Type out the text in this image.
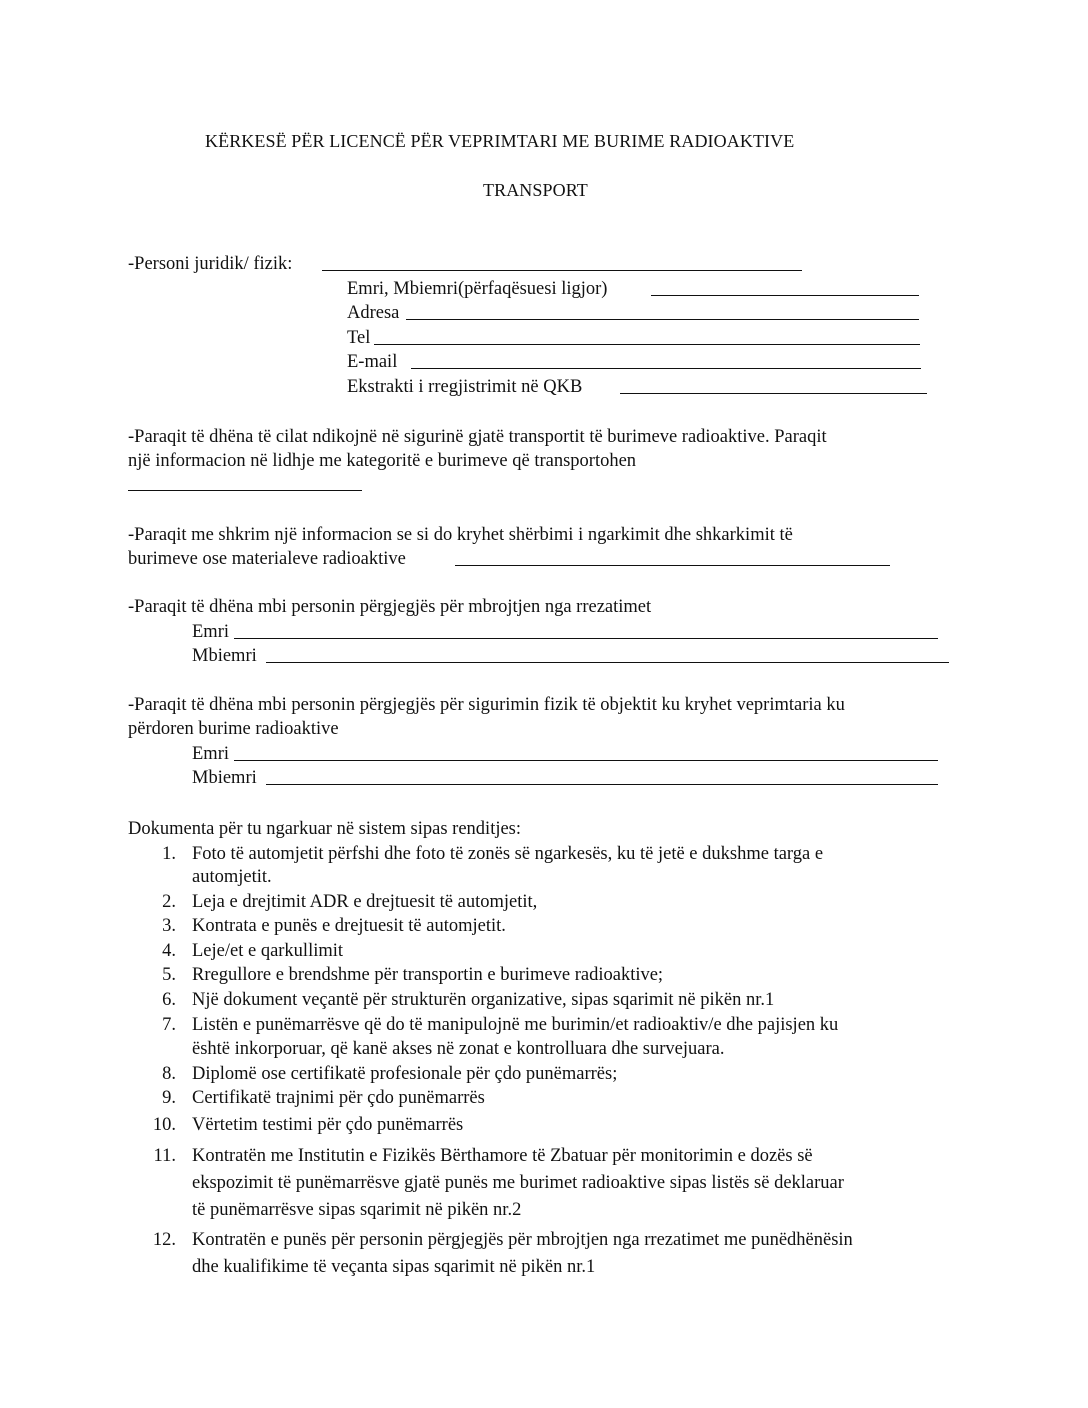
KËRKESË PËR LICENCË PËR VEPRIMTARI ME BURIME RADIOAKTIVE
TRANSPORT
-Personi juridik/ fizik:
Emri, Mbiemri(përfaqësuesi ligjor)
Adresa
Tel
E-mail
Ekstrakti i rregjistrimit në QKB
-Paraqit të dhëna të cilat ndikojnë në sigurinë gjatë transportit të burimeve radioaktive. Paraqit
një informacion në lidhje me kategoritë e burimeve që transportohen
-Paraqit me shkrim një informacion se si do kryhet shërbimi i ngarkimit dhe shkarkimit të
burimeve ose materialeve radioaktive
-Paraqit të dhëna mbi personin përgjegjës për mbrojtjen nga rrezatimet
Emri
Mbiemri
-Paraqit të dhëna mbi personin përgjegjës për sigurimin fizik të objektit ku kryhet veprimtaria ku
përdoren burime radioaktive
Emri
Mbiemri
Dokumenta për tu ngarkuar në sistem sipas renditjes:
1. Foto të automjetit përfshi dhe foto të zonës së ngarkesës, ku të jetë e dukshme targa e
automjetit.
2. Leja e drejtimit ADR e drejtuesit të automjetit,
3. Kontrata e punës e drejtuesit të automjetit.
4. Leje/et e qarkullimit
5. Rregullore e brendshme për transportin e burimeve radioaktive;
6. Një dokument veçantë për strukturën organizative, sipas sqarimit në pikën nr.1
7. Listën e punëmarrësve që do të manipulojnë me burimin/et radioaktiv/e dhe pajisjen ku
është inkorporuar, që kanë akses në zonat e kontrolluara dhe survejuara.
8. Diplomë ose certifikatë profesionale për çdo punëmarrës;
9. Certifikatë trajnimi për çdo punëmarrës
10. Vërtetim testimi për çdo punëmarrës
11. Kontratën me Institutin e Fizikës Bërthamore të Zbatuar për monitorimin e dozës së
ekspozimit të punëmarrësve gjatë punës me burimet radioaktive sipas listës së deklaruar
të punëmarrësve sipas sqarimit në pikën nr.2
12. Kontratën e punës për personin përgjegjës për mbrojtjen nga rrezatimet me punëdhënësin
dhe kualifikime të veçanta sipas sqarimit në pikën nr.1
